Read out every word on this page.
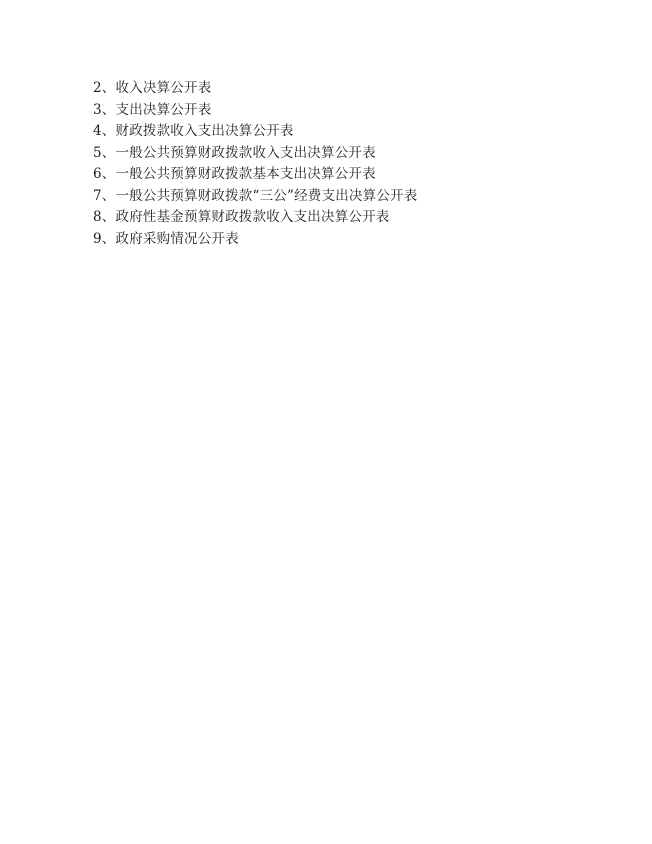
2、收入决算公开表
3、支出决算公开表
4、财政拨款收入支出决算公开表
5、一般公共预算财政拨款收入支出决算公开表
6、一般公共预算财政拨款基本支出决算公开表
7、一般公共预算财政拨款“三公”经费支出决算公开表
8、政府性基金预算财政拨款收入支出决算公开表
9、政府采购情况公开表
